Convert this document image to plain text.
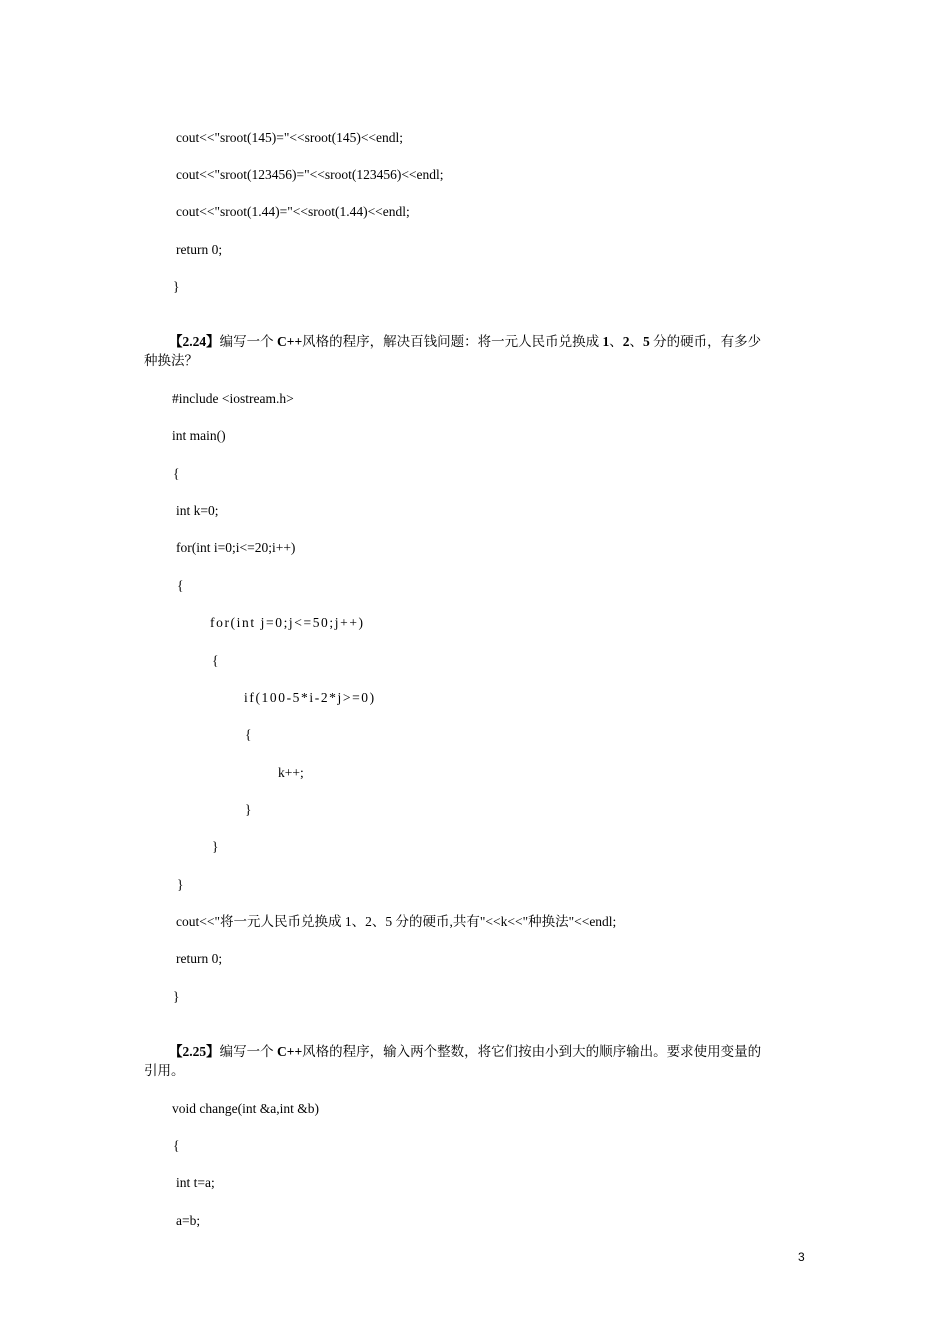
cout<<"sroot(145)="<<sroot(145)<<endl;
cout<<"sroot(123456)="<<sroot(123456)<<endl;
cout<<"sroot(1.44)="<<sroot(1.44)<<endl;
return 0;
}

【2.24】编写一个 C++风格的程序，解决百钱问题：将一元人民币兑换成 1、2、5 分的硬币，有多少

种换法？
#include <iostream.h>
int main()
{
int k=0;
for(int i=0;i<=20;i++)
{
for(int j=0;j<=50;j++)
{
if(100-5*i-2*j>=0)
{
k++;
}
}
}
cout<<"将一元人民币兑换成 1、2、5 分的硬币,共有"<<k<<"种换法"<<endl;
return 0;
}

【2.25】编写一个 C++风格的程序，输入两个整数，将它们按由小到大的顺序输出。要求使用变量的

引用。
void change(int &a,int &b)
{
int t=a;
a=b;
3
